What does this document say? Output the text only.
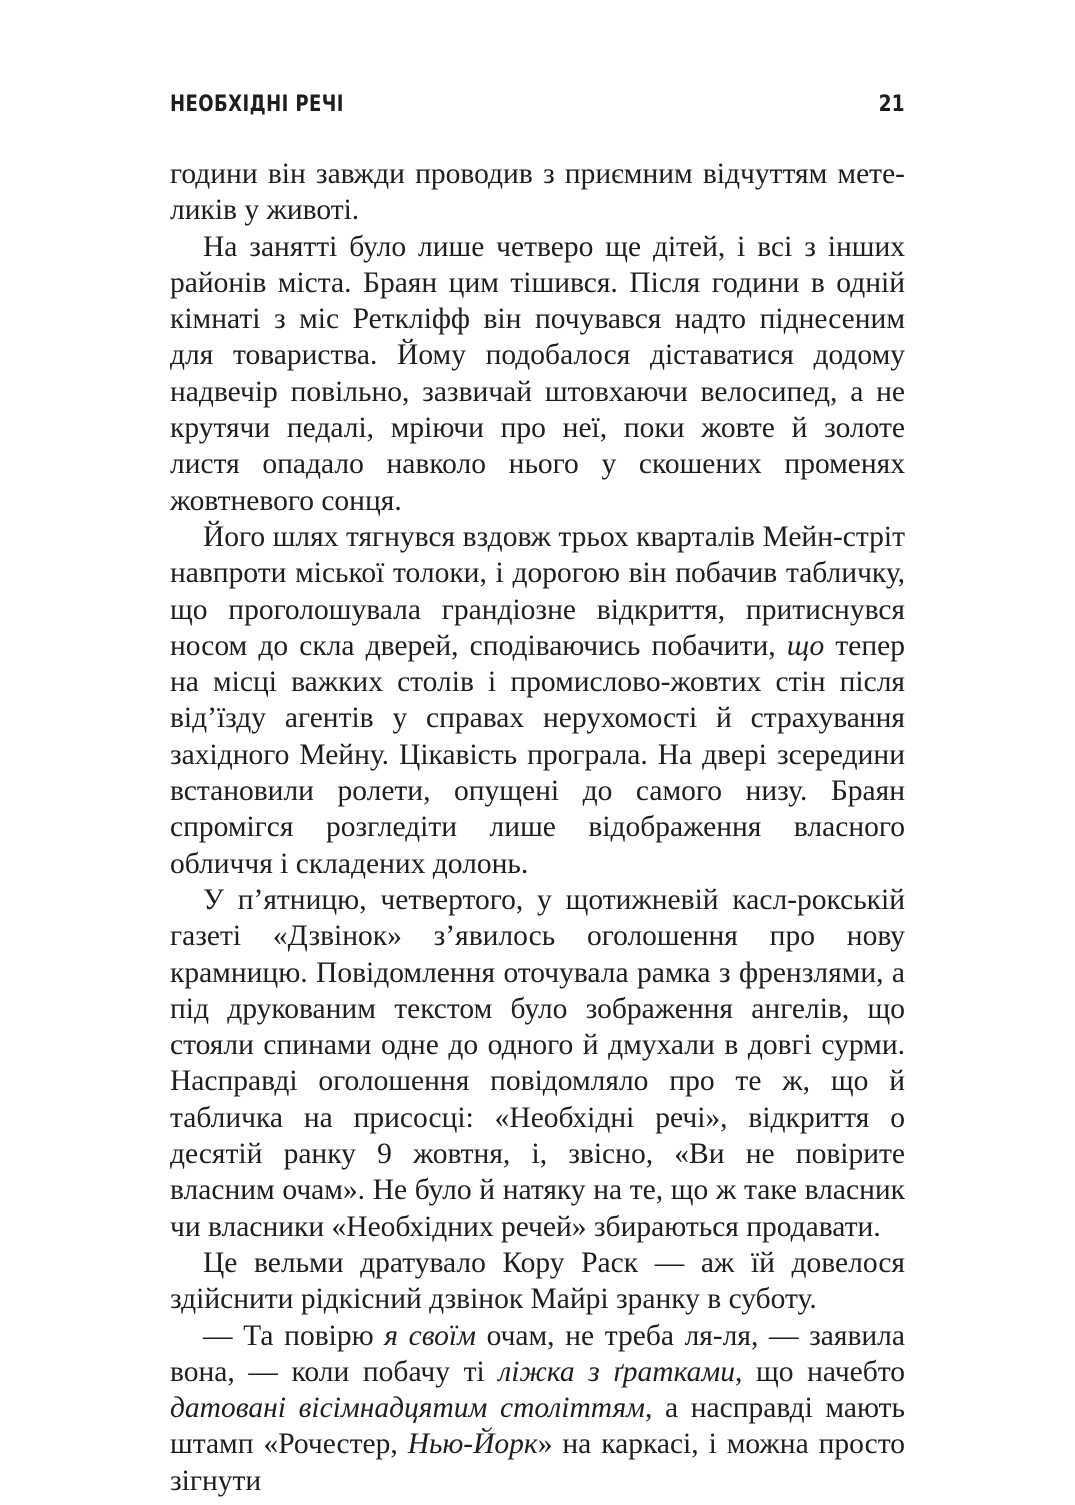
НЕОБХІДНІ РЕЧІ	21

години він завжди проводив з приємним відчуттям метеликів у животі.

На занятті було лише четверо ще дітей, і всі з інших районів міста. Браян цим тішився. Після години в одній кімнаті з міс Реткліфф він почувався надто піднесеним для товариства. Йому подобалося діставатися додому надвечір повільно, зазвичай штовхаючи велосипед, а не крутячи педалі, мріючи про неї, поки жовте й золоте листя опадало навколо нього у скошених променях жовтневого сонця.

Його шлях тягнувся вздовж трьох кварталів Мейн-стріт навпроти міської толоки, і дорогою він побачив табличку, що проголошувала грандіозне відкриття, притиснувся носом до скла дверей, сподіваючись побачити, що тепер на місці важких столів і промислово-жовтих стін після від’їзду агентів у справах нерухомості й страхування західного Мейну. Цікавість програла. На двері зсередини встановили ролети, опущені до самого низу. Браян спромігся розгледіти лише відображення власного обличчя і складених долонь.

У п’ятницю, четвертого, у щотижневій касл-рокській газеті «Дзвінок» з’явилось оголошення про нову крамницю. Повідомлення оточувала рамка з френзлями, а під друкованим текстом було зображення ангелів, що стояли спинами одне до одного й дмухали в довгі сурми. Насправді оголошення повідомляло про те ж, що й табличка на присосці: «Необхідні речі», відкриття о десятій ранку 9 жовтня, і, звісно, «Ви не повірите власним очам». Не було й натяку на те, що ж таке власник чи власники «Необхідних речей» збираються продавати.

Це вельми дратувало Кору Раск — аж їй довелося здійснити рідкісний дзвінок Майрі зранку в суботу.

— Та повірю я своїм очам, не треба ля-ля, — заявила вона, — коли побачу ті ліжка з ґратками, що начебто датовані вісімнадцятим століттям, а насправді мають штамп «Рочестер, Нью-Йорк» на каркасі, і можна просто зігнути
